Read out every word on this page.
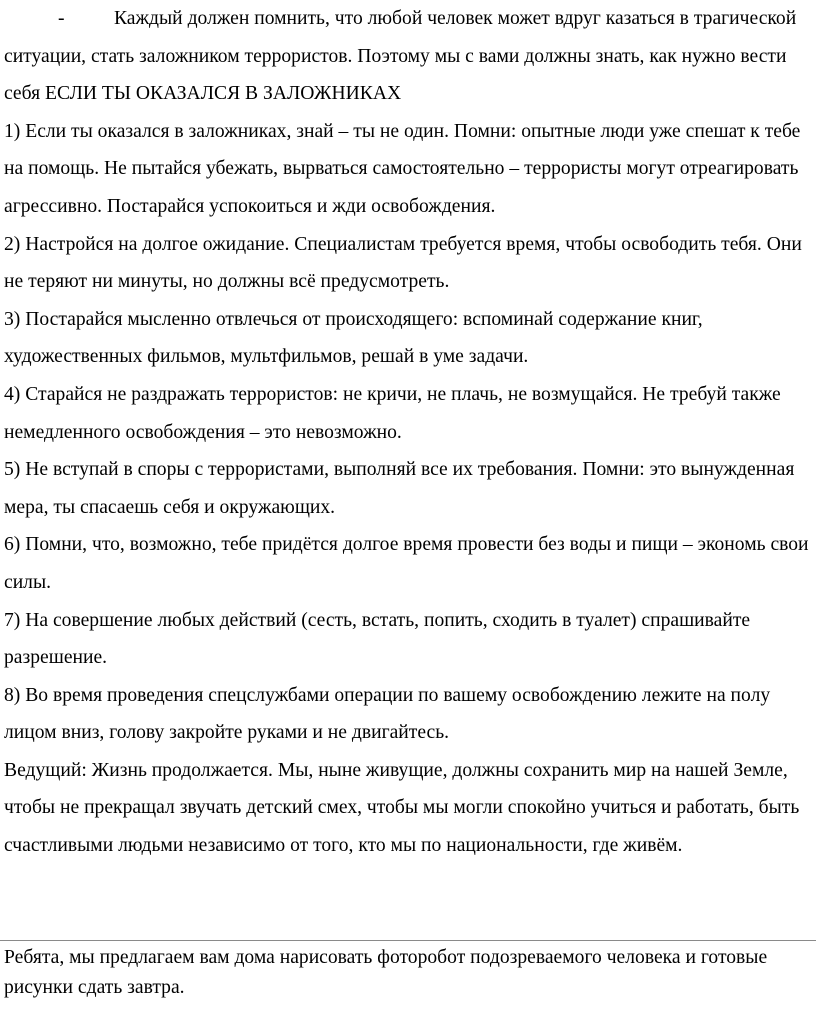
-	Каждый должен помнить, что любой человек может вдруг казаться в трагической ситуации, стать заложником террористов. Поэтому мы с вами должны знать, как нужно вести себя ЕСЛИ ТЫ ОКАЗАЛСЯ В ЗАЛОЖНИКАХ

1) Если ты оказался в заложниках, знай – ты не один. Помни: опытные люди уже спешат к тебе на помощь. Не пытайся убежать, вырваться самостоятельно – террористы могут отреагировать агрессивно. Постарайся успокоиться и жди освобождения.

2) Настройся на долгое ожидание. Специалистам требуется время, чтобы освободить тебя. Они не теряют ни минуты, но должны всё предусмотреть.

3) Постарайся мысленно отвлечься от происходящего: вспоминай содержание книг, художественных фильмов, мультфильмов, решай в уме задачи.

4) Старайся не раздражать террористов: не кричи, не плачь, не возмущайся. Не требуй также немедленного освобождения – это невозможно.

5) Не вступай в споры с террористами, выполняй все их требования. Помни: это вынужденная мера, ты спасаешь себя и окружающих.

6) Помни, что, возможно, тебе придётся долгое время провести без воды и пищи – экономь свои силы.

7) На совершение любых действий (сесть, встать, попить, сходить в туалет) спрашивайте разрешение.

8) Во время проведения спецслужбами операции по вашему освобождению лежите на полу лицом вниз, голову закройте руками и не двигайтесь.

Ведущий: Жизнь продолжается. Мы, ныне живущие, должны сохранить мир на нашей Земле, чтобы не прекращал звучать детский смех, чтобы мы могли спокойно учиться и работать, быть счастливыми людьми независимо от того, кто мы по национальности, где живём.

Ребята, мы предлагаем вам дома нарисовать фоторобот подозреваемого человека и готовые рисунки сдать завтра.
